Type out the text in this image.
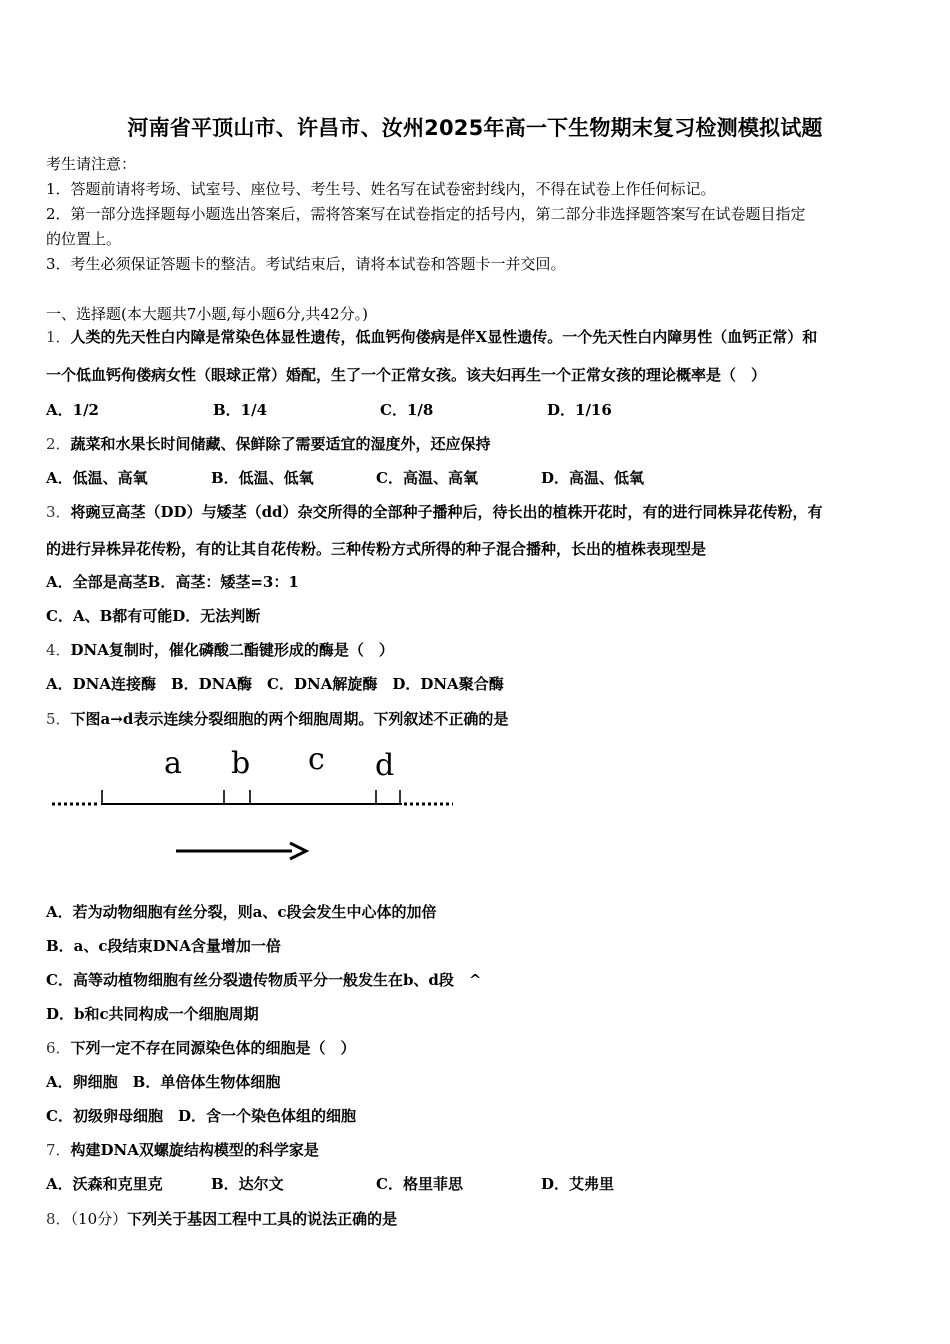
河南省平顶山市、许昌市、汝州2025年高一下生物期末复习检测模拟试题
考生请注意：
1．答题前请将考场、试室号、座位号、考生号、姓名写在试卷密封线内，不得在试卷上作任何标记。
2．第一部分选择题每小题选出答案后，需将答案写在试卷指定的括号内，第二部分非选择题答案写在试卷题目指定
的位置上。
3．考生必须保证答题卡的整洁。考试结束后，请将本试卷和答题卡一并交回。
一、选择题(本大题共7小题,每小题6分,共42分。)
1．人类的先天性白内障是常染色体显性遗传，低血钙佝偻病是伴X显性遗传。一个先天性白内障男性（血钙正常）和
一个低血钙佝偻病女性（眼球正常）婚配，生了一个正常女孩。该夫妇再生一个正常女孩的理论概率是（　）
A．1/2	B．1/4	C．1/8	D．1/16
2．蔬菜和水果长时间储藏、保鲜除了需要适宜的湿度外，还应保持
A．低温、高氧	B．低温、低氧	C．高温、高氧	D．高温、低氧
3．将豌豆高茎（DD）与矮茎（dd）杂交所得的全部种子播种后，待长出的植株开花时，有的进行同株异花传粉，有
的进行异株异花传粉，有的让其自花传粉。三种传粉方式所得的种子混合播种，长出的植株表现型是
A．全部是高茎B．高茎：矮茎=3：1
C．A、B都有可能D．无法判断
4．DNA复制时，催化磷酸二酯键形成的酶是（　）
A．DNA连接酶　B．DNA酶　C．DNA解旋酶　D．DNA聚合酶
5．下图a→d表示连续分裂细胞的两个细胞周期。下列叙述不正确的是
a b c d
A．若为动物细胞有丝分裂，则a、c段会发生中心体的加倍
B．a、c段结束DNA含量增加一倍
C．高等动植物细胞有丝分裂遗传物质平分一般发生在b、d段　^
D．b和c共同构成一个细胞周期
6．下列一定不存在同源染色体的细胞是（　）
A．卵细胞　B．单倍体生物体细胞
C．初级卵母细胞　D．含一个染色体组的细胞
7．构建DNA双螺旋结构模型的科学家是
A．沃森和克里克	B．达尔文	C．格里菲思	D．艾弗里
8．（10分）下列关于基因工程中工具的说法正确的是
